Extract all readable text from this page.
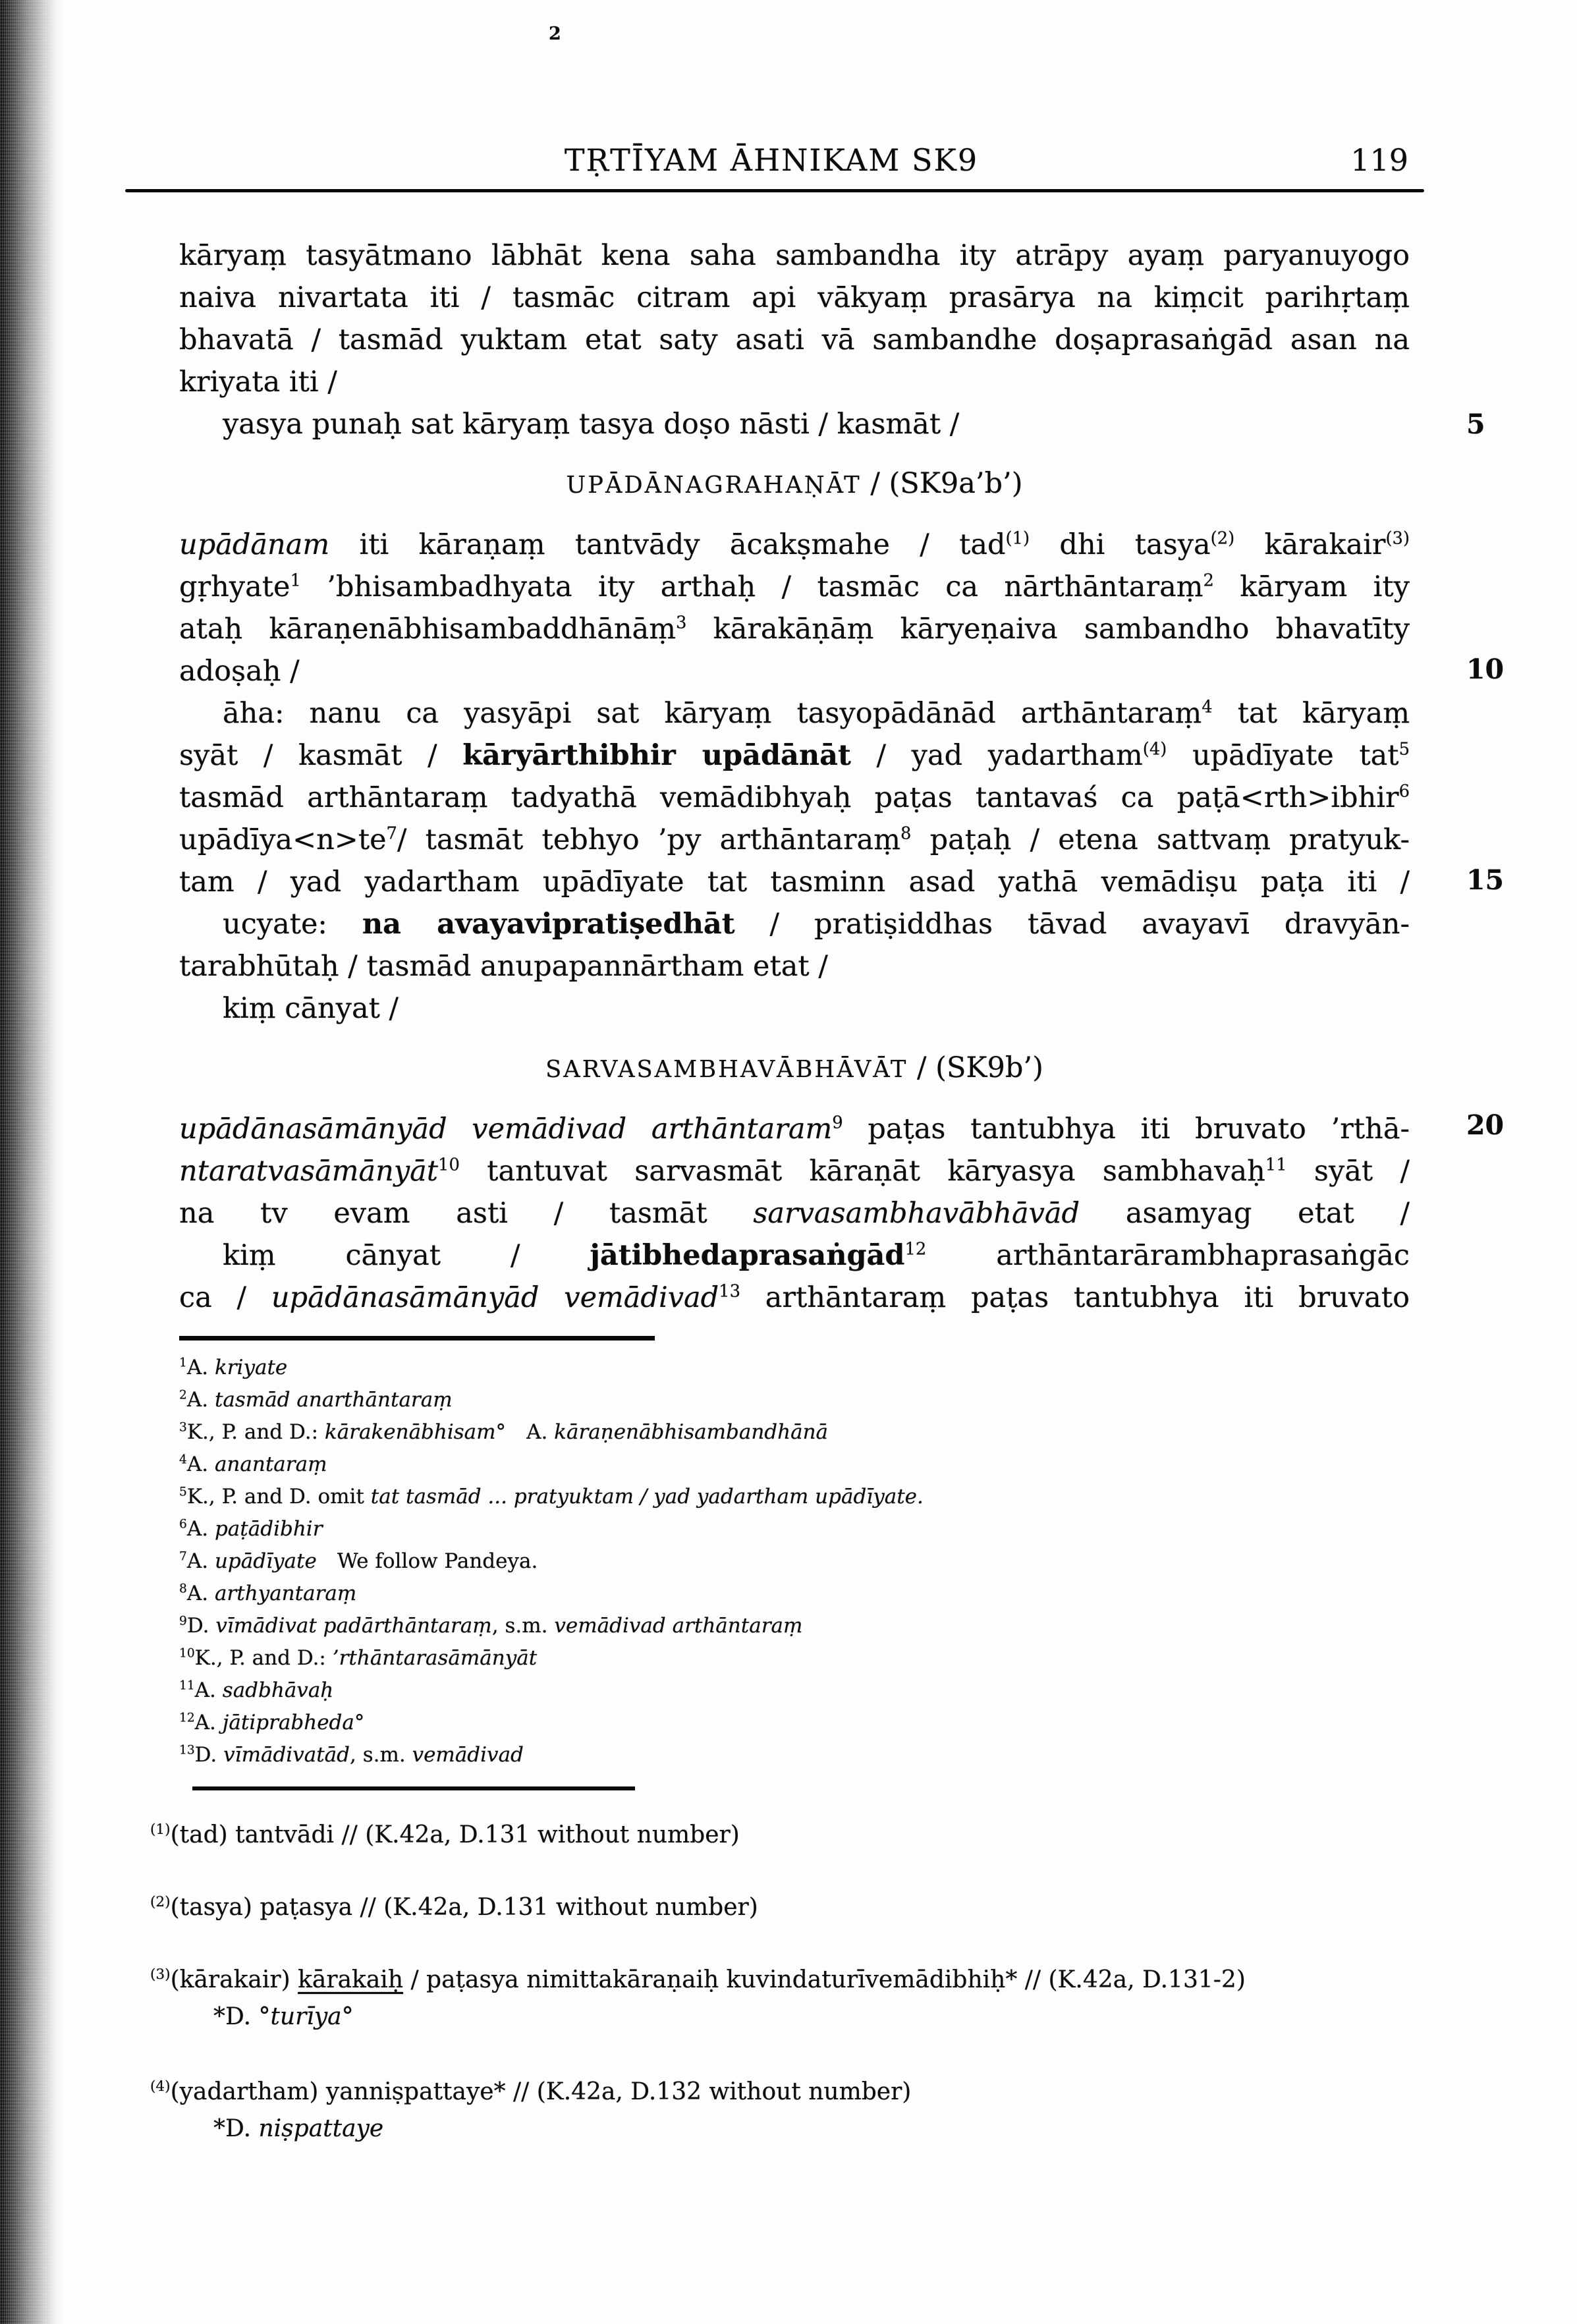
2
TṚTĪYAM ĀHNIKAM SK9	119
kāryaṃ tasyātmano lābhāt kena saha sambandha ity atrāpy ayaṃ paryanuyogo
naiva nivartata iti / tasmāc citram api vākyaṃ prasārya na kiṃcit parihṛtaṃ
bhavatā / tasmād yuktam etat saty asati vā sambandhe doṣaprasaṅgād asan na
kriyata iti /
yasya punaḥ sat kāryaṃ tasya doṣo nāsti / kasmāt /
UPĀDĀNAGRAHAṆĀT / (SK9a’b’)
upādānam iti kāraṇaṃ tantvādy ācakṣmahe / tad$^{(1)}$ dhi tasya$^{(2)}$ kārakair$^{(3)}$
gṛhyate$^1$ ’bhisambadhyata ity arthaḥ / tasmāc ca nārthāntaraṃ$^2$ kāryam ity
ataḥ kāraṇenābhisambaddhānāṃ$^3$ kārakāṇāṃ kāryeṇaiva sambandho bhavatīty
adoṣaḥ /
āha: nanu ca yasyāpi sat kāryaṃ tasyopādānād arthāntaraṃ$^4$ tat kāryaṃ
syāt / kasmāt / kāryārthibhir upādānāt / yad yadartham$^{(4)}$ upādīyate tat$^5$
tasmād arthāntaraṃ tadyathā vemādibhyaḥ paṭas tantavaś ca paṭā<rth>ibhir$^6$
$upādīya<n>te^7/$ tasmāt tebhyo ’py arthāntaraṃ$^8$ paṭaḥ / etena sattvaṃ pratyuk-
tam / yad yadartham upādīyate tat tasminn asad yathā vemādiṣu paṭa iti /
ucyate: na avayavipratiṣedhāt / pratiṣiddhas tāvad avayavī dravyān-
tarabhūtaḥ / tasmād anupapannārtham etat /
kiṃ cānyat /
SARVASAMBHAVĀBHĀVĀT / (SK9b’)
upādānasāmānyād vemādivad arthāntaram$^9$ paṭas tantubhya iti bruvato ’rthā-
ntaratvasāmānyāt$^{10}$ tantuvat sarvasmāt kāraṇāt kāryasya sambhavaḥ$^{11}$ syāt /
na tv evam asti / tasmāt sarvasambhavābhāvād asamyag etat /
kiṃ cānyat / jātibhedaprasaṅgād$^{12}$ arthāntarārambhaprasaṅgāc
ca / upādānasāmānyād vemādivad$^{13}$ arthāntaraṃ paṭas tantubhya iti bruvato
5
10
15
20
$^1$A. kriyate
$^2$A. tasmād anarthāntaraṃ
$^3$K., P. and D.: kārakenābhisam° A. kāraṇenābhisambandhānā
$^4$A. anantaraṃ
$^5$K., P. and D. omit tat tasmād ... pratyuktam / yad yadartham upādīyate.
$^6$A. paṭādibhir
$^7$A. upādīyate We follow Pandeya.
$^8$A. arthyantaraṃ
$^9$D. vīmādivat padārthāntaraṃ, s.m. vemādivad arthāntaraṃ
$^{10}$K., P. and D.: ’rthāntarasāmānyāt
$^{11}$A. sadbhāvaḥ
$^{12}$A. jātiprabheda°
$^{13}$D. vīmādivatād, s.m. vemādivad
$^{(1)}$(tad) tantvādi // (K.42a, D.131 without number)
$^{(2)}$(tasya) paṭasya // (K.42a, D.131 without number)
$^{(3)}$(kārakair) kārakaiḥ / paṭasya nimittakāraṇaiḥ kuvindaturīvemādibhiḥ* // (K.42a, D.131-2)
*D. °turīya°
$^{(4)}$(yadartham) yanniṣpattaye* // (K.42a, D.132 without number)
*D. niṣpattaye
